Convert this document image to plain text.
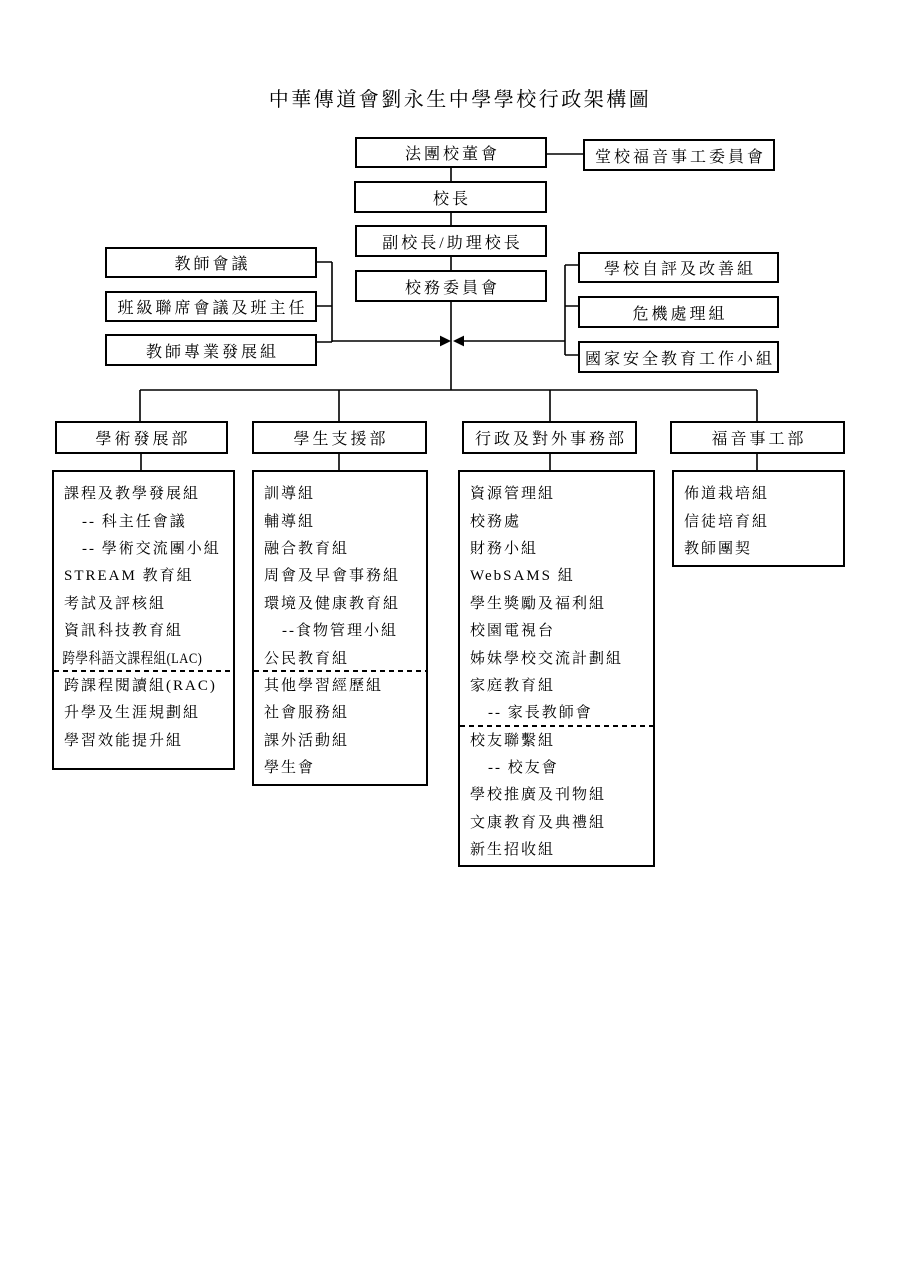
中華傳道會劉永生中學學校行政架構圖
法團校董會	堂校福音事工委員會
校長
副校長/助理校長
校務委員會
教師會議
班級聯席會議及班主任
教師專業發展組
學校自評及改善組
危機處理組
國家安全教育工作小組
學術發展部	學生支援部	行政及對外事務部	福音事工部
課程及教學發展組
-- 科主任會議
-- 學術交流團小組
STREAM 教育組
考試及評核組
資訊科技教育組
跨學科語文課程組(LAC)
跨課程閱讀組(RAC)
升學及生涯規劃組
學習效能提升組
訓導組
輔導組
融合教育組
周會及早會事務組
環境及健康教育組
--食物管理小組
公民教育組
其他學習經歷組
社會服務組
課外活動組
學生會
資源管理組
校務處
財務小組
WebSAMS 組
學生獎勵及福利組
校園電視台
姊妹學校交流計劃組
家庭教育組
-- 家長教師會
校友聯繫組
-- 校友會
學校推廣及刊物組
文康教育及典禮組
新生招收組
佈道栽培組
信徒培育組
教師團契
